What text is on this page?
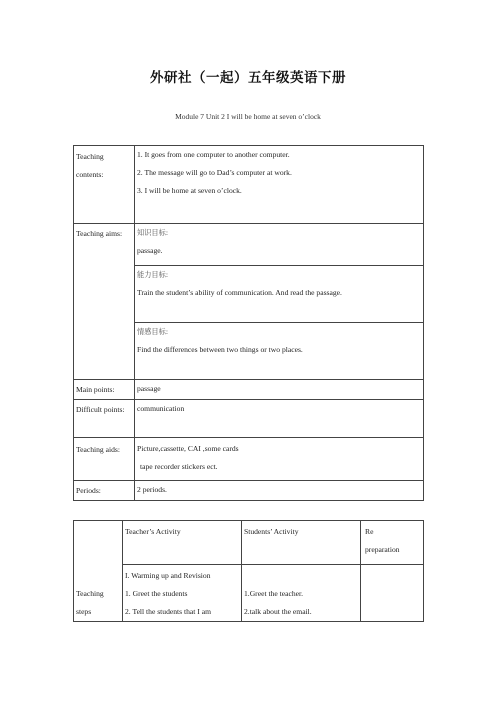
外研社（一起）五年级英语下册
Module 7 Unit 2 I will be home at seven o’clock
Teaching
contents:	1. It goes from one computer to another computer.
2. The message will go to Dad’s computer at work.
3. I will be home at seven o’clock.

Teaching aims:	知识目标:
passage.

	能力目标:
Train the student’s ability of communication. And read the passage.

	情感目标:
Find the differences between two things or two places.

Main points:	passage
Difficult points:	communication
Teaching aids:	Picture,cassette, CAI ,some cards
tape recorder stickers ect.

Periods:	2 periods.
Teaching
steps	Teacher’s Activity	Students’ Activity	Re
preparation

	I. Warming up and Revision
1. Greet the students
2. Tell the students that I am	1.Greet the teacher.
2.talk about the email.	
